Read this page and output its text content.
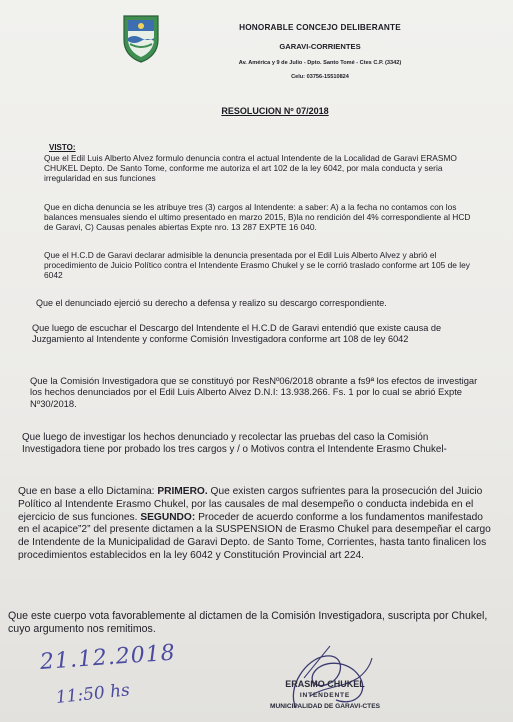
HONORABLE CONCEJO DELIBERANTE
GARAVI-CORRIENTES
Av. América y 9 de Julio - Dpto. Santo Tomé - Ctes C.P. (3342)
Celu: 03756-15510824
RESOLUCION Nº 07/2018
VISTO:
Que el Edil Luis Alberto Alvez formulo denuncia contra el actual Intendente de la Localidad de Garavi ERASMO CHUKEL Depto. De Santo Tome, conforme me autoriza el art 102 de la ley 6042, por mala conducta y seria irregularidad en sus funciones
Que en dicha denuncia se les atribuye tres (3) cargos al Intendente: a saber: A) a la fecha no contamos con los balances mensuales siendo el ultimo presentado en marzo 2015, B)la no rendición del 4% correspondiente al HCD de Garavi, C) Causas penales abiertas Expte nro. 13 287 EXPTE 16 040.
Que el H.C.D de Garavi declarar admisible la denuncia presentada por el Edil Luis Alberto Alvez y abrió el procedimiento de Juicio Político contra el Intendente Erasmo Chukel y se le corrió traslado conforme art 105 de ley 6042
Que el denunciado ejerció su derecho a defensa y realizo su descargo correspondiente.
Que luego de escuchar el Descargo del Intendente el H.C.D de Garavi entendió que existe causa de Juzgamiento al Intendente y conforme Comisión Investigadora conforme art 108 de ley 6042
Que la Comisión Investigadora que se constituyó por ResNº06/2018 obrante a fs9ª los efectos de investigar los hechos denunciados por el Edil Luis Alberto Alvez D.N.I: 13.938.266. Fs. 1 por lo cual se abrió Expte Nº30/2018.
Que luego de investigar los hechos denunciado y recolectar las pruebas del caso la Comisión Investigadora tiene por probado los tres cargos y / o Motivos contra el Intendente Erasmo Chukel-
Que en base a ello Dictamina: PRIMERO. Que existen cargos sufrientes para la prosecución del Juicio Político al Intendente Erasmo Chukel, por las causales de mal desempeño o conducta indebida en el ejercicio de sus funciones. SEGUNDO: Proceder de acuerdo conforme a los fundamentos manifestado en el acapice”2” del presente dictamen a la SUSPENSION de Erasmo Chukel para desempeñar el cargo de Intendente de la Municipalidad de Garavi Depto. de Santo Tome, Corrientes, hasta tanto finalicen los procedimientos establecidos en la ley 6042 y Constitución Provincial art 224.
Que este cuerpo vota favorablemente al dictamen de la Comisión Investigadora, suscripta por Chukel, cuyo argumento nos remitimos.
21.12.2018
11:50 hs	ERASMO CHUKEL
INTENDENTE
MUNICIPALIDAD DE GARAVI-CTES
